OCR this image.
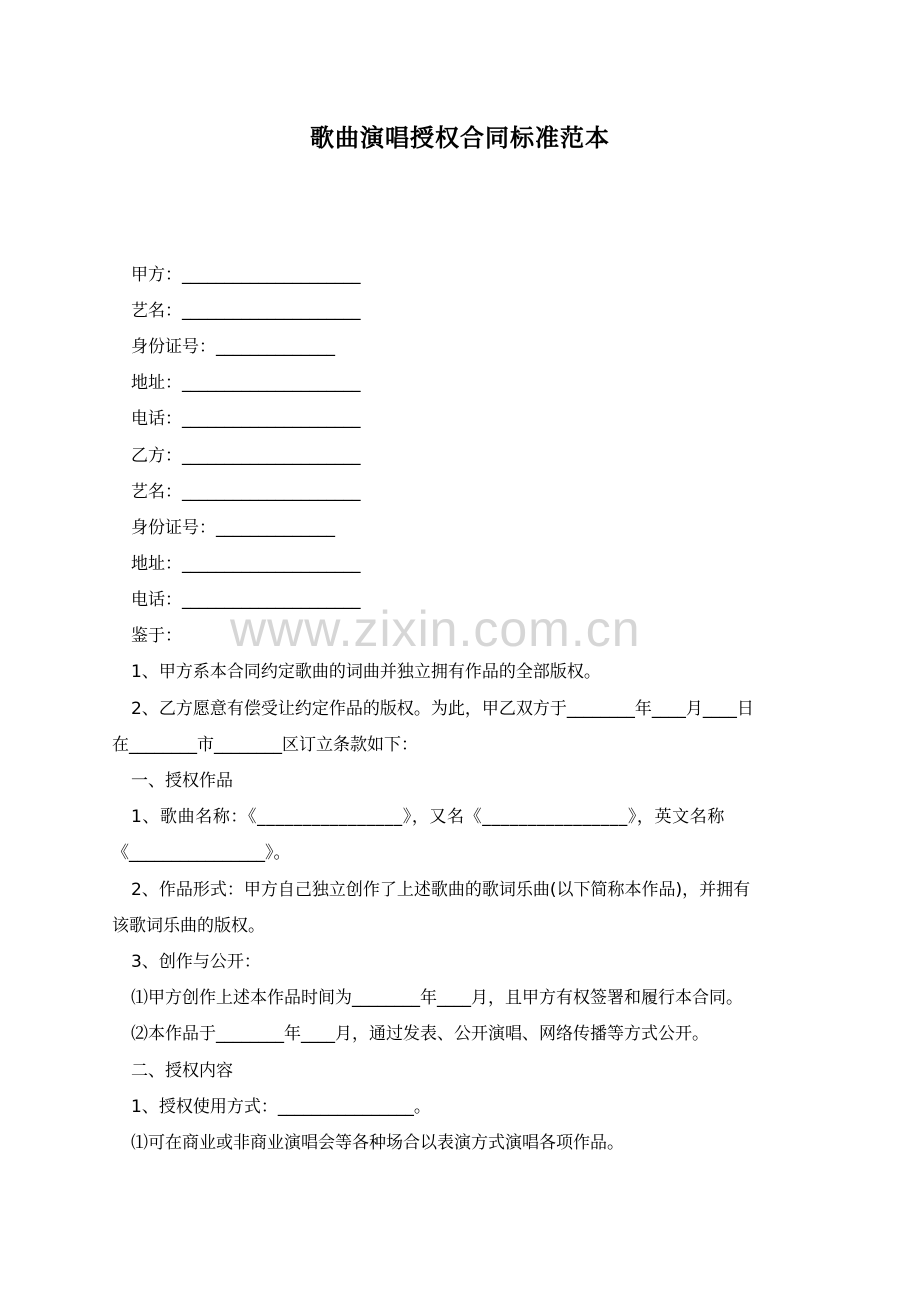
歌曲演唱授权合同标准范本
www.zixin.com.cn
甲方：_____________________
艺名：_____________________
身份证号：______________
地址：_____________________
电话：_____________________
乙方：_____________________
艺名：_____________________
身份证号：______________
地址：_____________________
电话：_____________________
鉴于：
1、甲方系本合同约定歌曲的词曲并独立拥有作品的全部版权。
2、乙方愿意有偿受让约定作品的版权。为此，甲乙双方于________年____月____日
在________市________区订立条款如下：
一、授权作品
1、歌曲名称：《________________》，又名《________________》，英文名称
《________________》。
2、作品形式：甲方自己独立创作了上述歌曲的歌词乐曲(以下简称本作品)，并拥有
该歌词乐曲的版权。
3、创作与公开：
⑴甲方创作上述本作品时间为________年____月，且甲方有权签署和履行本合同。
⑵本作品于________年____月，通过发表、公开演唱、网络传播等方式公开。
二、授权内容
1、授权使用方式：________________。
⑴可在商业或非商业演唱会等各种场合以表演方式演唱各项作品。
